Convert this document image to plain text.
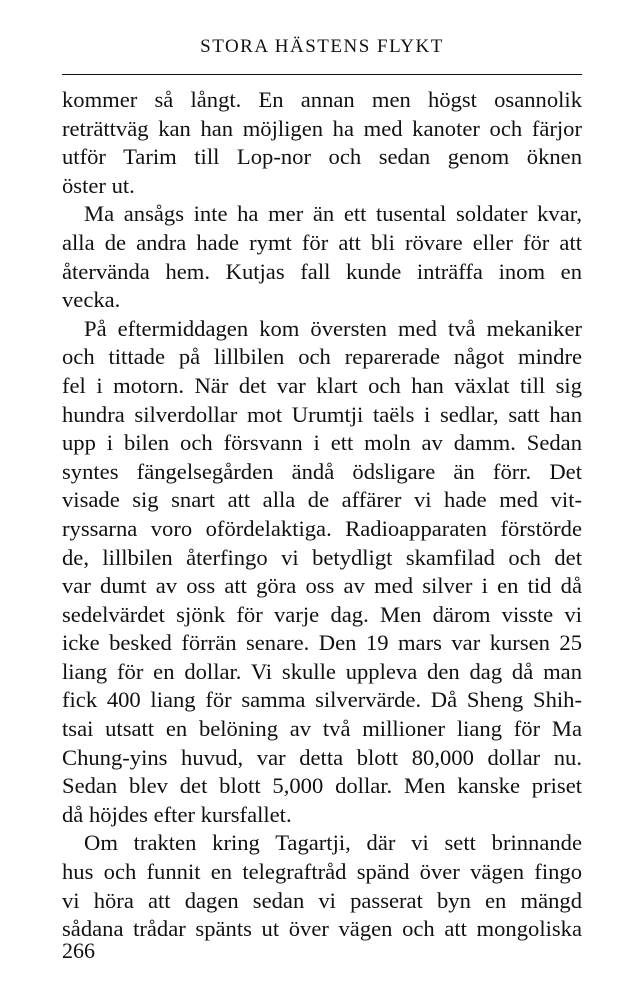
STORA HÄSTENS FLYKT
kommer så långt. En annan men högst osannolik
reträttväg kan han möjligen ha med kanoter och färjor
utför Tarim till Lop-nor och sedan genom öknen
öster ut.
Ma ansågs inte ha mer än ett tusental soldater kvar,
alla de andra hade rymt för att bli rövare eller för att
återvända hem. Kutjas fall kunde inträffa inom en
vecka.
På eftermiddagen kom översten med två mekaniker
och tittade på lillbilen och reparerade något mindre
fel i motorn. När det var klart och han växlat till sig
hundra silverdollar mot Urumtji taëls i sedlar, satt han
upp i bilen och försvann i ett moln av damm. Sedan
syntes fängelsegården ändå ödsligare än förr. Det
visade sig snart att alla de affärer vi hade med vit-
ryssarna voro ofördelaktiga. Radioapparaten förstörde
de, lillbilen återfingo vi betydligt skamfilad och det
var dumt av oss att göra oss av med silver i en tid då
sedelvärdet sjönk för varje dag. Men därom visste vi
icke besked förrän senare. Den 19 mars var kursen 25
liang för en dollar. Vi skulle uppleva den dag då man
fick 400 liang för samma silvervärde. Då Sheng Shih-
tsai utsatt en belöning av två millioner liang för Ma
Chung-yins huvud, var detta blott 80,000 dollar nu.
Sedan blev det blott 5,000 dollar. Men kanske priset
då höjdes efter kursfallet.
Om trakten kring Tagartji, där vi sett brinnande
hus och funnit en telegraftråd spänd över vägen fingo
vi höra att dagen sedan vi passerat byn en mängd
sådana trådar spänts ut över vägen och att mongoliska
266
